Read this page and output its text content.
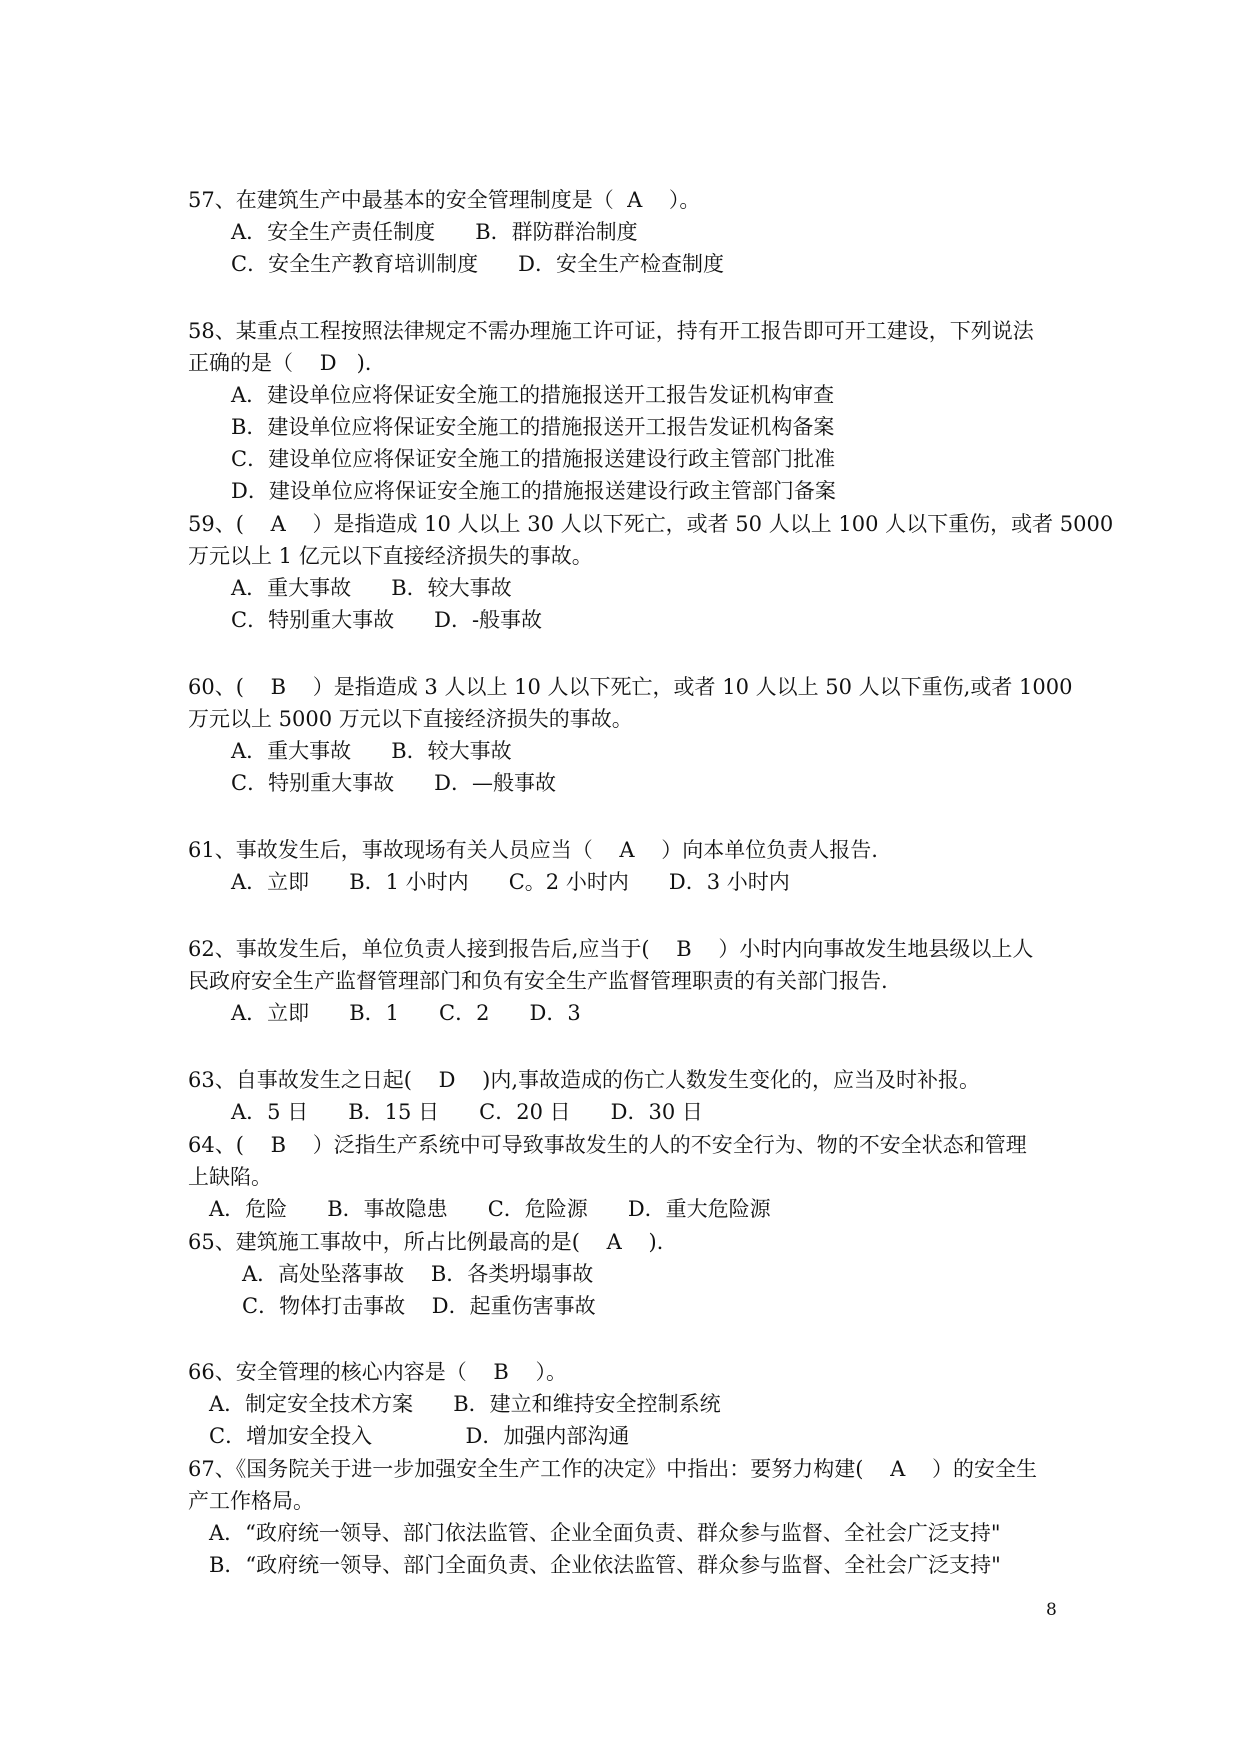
57、在建筑生产中最基本的安全管理制度是（  A    ）。
A．安全生产责任制度      B．群防群治制度
C．安全生产教育培训制度      D．安全生产检查制度
58、某重点工程按照法律规定不需办理施工许可证，持有开工报告即可开工建设，下列说法
正确的是（    D   ).
A．建设单位应将保证安全施工的措施报送开工报告发证机构审查
B．建设单位应将保证安全施工的措施报送开工报告发证机构备案
C．建设单位应将保证安全施工的措施报送建设行政主管部门批准
D．建设单位应将保证安全施工的措施报送建设行政主管部门备案
59、(    A    ）是指造成 10 人以上 30 人以下死亡，或者 50 人以上 100 人以下重伤，或者 5000
万元以上 1 亿元以下直接经济损失的事故。
A．重大事故      B．较大事故
C．特别重大事故      D．-般事故
60、(    B    ）是指造成 3 人以上 10 人以下死亡，或者 10 人以上 50 人以下重伤,或者 1000
万元以上 5000 万元以下直接经济损失的事故。
A．重大事故      B．较大事故
C．特别重大事故      D．—般事故
61、事故发生后，事故现场有关人员应当（    A    ）向本单位负责人报告.
A．立即      B．1 小时内      C。2 小时内      D．3 小时内
62、事故发生后，单位负责人接到报告后,应当于(    B    ）小时内向事故发生地县级以上人
民政府安全生产监督管理部门和负有安全生产监督管理职责的有关部门报告.
A．立即      B．1      C．2      D．3
63、自事故发生之日起(    D    )内,事故造成的伤亡人数发生变化的，应当及时补报。
A．5 日      B．15 日      C．20 日      D．30 日
64、(    B    ）泛指生产系统中可导致事故发生的人的不安全行为、物的不安全状态和管理
上缺陷。
A．危险      B．事故隐患      C．危险源      D．重大危险源
65、建筑施工事故中，所占比例最高的是(    A    ).
A．高处坠落事故    B．各类坍塌事故
C．物体打击事故    D．起重伤害事故
66、安全管理的核心内容是（    B    ）。
A．制定安全技术方案      B．建立和维持安全控制系统
C．增加安全投入              D．加强内部沟通
67、《国务院关于进一步加强安全生产工作的决定》中指出：要努力构建(    A    ）的安全生
产工作格局。
A．“政府统一领导、部门依法监管、企业全面负责、群众参与监督、全社会广泛支持"
B．“政府统一领导、部门全面负责、企业依法监管、群众参与监督、全社会广泛支持"
8
